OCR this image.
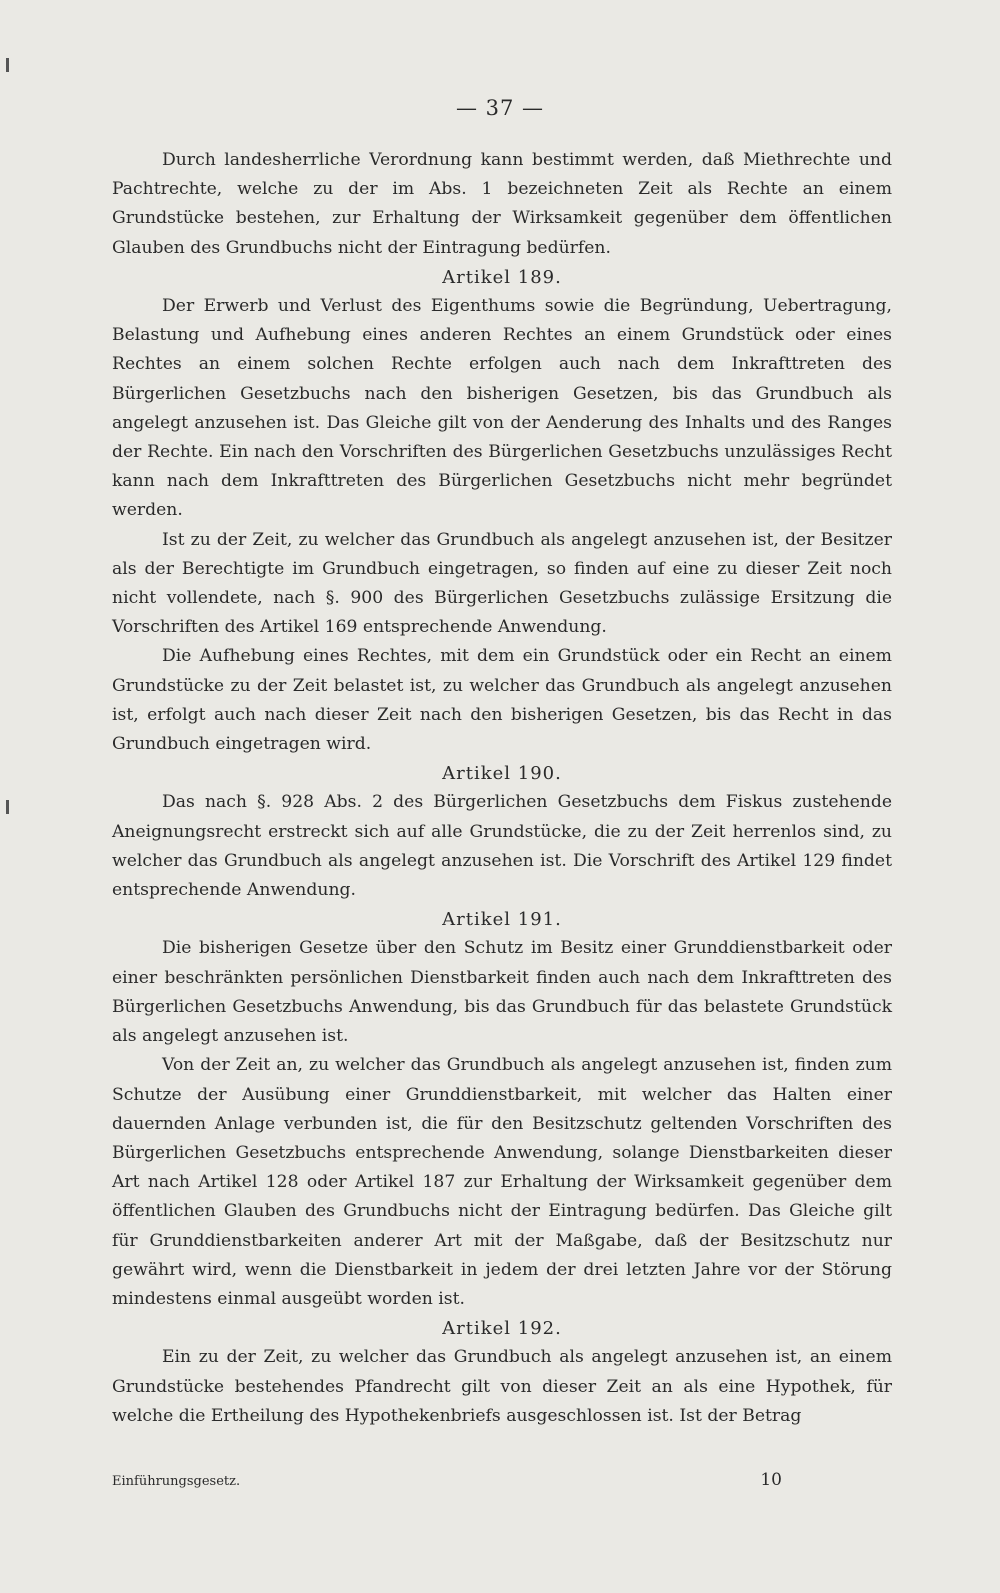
— 37 —

Durch landesherrliche Verordnung kann bestimmt werden, daß Miethrechte und Pachtrechte, welche zu der im Abs. 1 bezeichneten Zeit als Rechte an einem Grundstücke bestehen, zur Erhaltung der Wirksamkeit gegenüber dem öffentlichen Glauben des Grundbuchs nicht der Eintragung bedürfen.

Artikel 189.

Der Erwerb und Verlust des Eigenthums sowie die Begründung, Uebertragung, Belastung und Aufhebung eines anderen Rechtes an einem Grundstück oder eines Rechtes an einem solchen Rechte erfolgen auch nach dem Inkrafttreten des Bürgerlichen Gesetzbuchs nach den bisherigen Gesetzen, bis das Grundbuch als angelegt anzusehen ist. Das Gleiche gilt von der Aenderung des Inhalts und des Ranges der Rechte. Ein nach den Vorschriften des Bürgerlichen Gesetzbuchs unzulässiges Recht kann nach dem Inkrafttreten des Bürgerlichen Gesetzbuchs nicht mehr begründet werden.

Ist zu der Zeit, zu welcher das Grundbuch als angelegt anzusehen ist, der Besitzer als der Berechtigte im Grundbuch eingetragen, so finden auf eine zu dieser Zeit noch nicht vollendete, nach §. 900 des Bürgerlichen Gesetzbuchs zulässige Ersitzung die Vorschriften des Artikel 169 entsprechende Anwendung.

Die Aufhebung eines Rechtes, mit dem ein Grundstück oder ein Recht an einem Grundstücke zu der Zeit belastet ist, zu welcher das Grundbuch als angelegt anzusehen ist, erfolgt auch nach dieser Zeit nach den bisherigen Gesetzen, bis das Recht in das Grundbuch eingetragen wird.

Artikel 190.

Das nach §. 928 Abs. 2 des Bürgerlichen Gesetzbuchs dem Fiskus zustehende Aneignungsrecht erstreckt sich auf alle Grundstücke, die zu der Zeit herrenlos sind, zu welcher das Grundbuch als angelegt anzusehen ist. Die Vorschrift des Artikel 129 findet entsprechende Anwendung.

Artikel 191.

Die bisherigen Gesetze über den Schutz im Besitz einer Grunddienstbarkeit oder einer beschränkten persönlichen Dienstbarkeit finden auch nach dem Inkrafttreten des Bürgerlichen Gesetzbuchs Anwendung, bis das Grundbuch für das belastete Grundstück als angelegt anzusehen ist.

Von der Zeit an, zu welcher das Grundbuch als angelegt anzusehen ist, finden zum Schutze der Ausübung einer Grunddienstbarkeit, mit welcher das Halten einer dauernden Anlage verbunden ist, die für den Besitzschutz geltenden Vorschriften des Bürgerlichen Gesetzbuchs entsprechende Anwendung, solange Dienstbarkeiten dieser Art nach Artikel 128 oder Artikel 187 zur Erhaltung der Wirksamkeit gegenüber dem öffentlichen Glauben des Grundbuchs nicht der Eintragung bedürfen. Das Gleiche gilt für Grunddienstbarkeiten anderer Art mit der Maßgabe, daß der Besitzschutz nur gewährt wird, wenn die Dienstbarkeit in jedem der drei letzten Jahre vor der Störung mindestens einmal ausgeübt worden ist.

Artikel 192.

Ein zu der Zeit, zu welcher das Grundbuch als angelegt anzusehen ist, an einem Grundstücke bestehendes Pfandrecht gilt von dieser Zeit an als eine Hypothek, für welche die Ertheilung des Hypothekenbriefs ausgeschlossen ist. Ist der Betrag

Einführungsgesetz.	10
